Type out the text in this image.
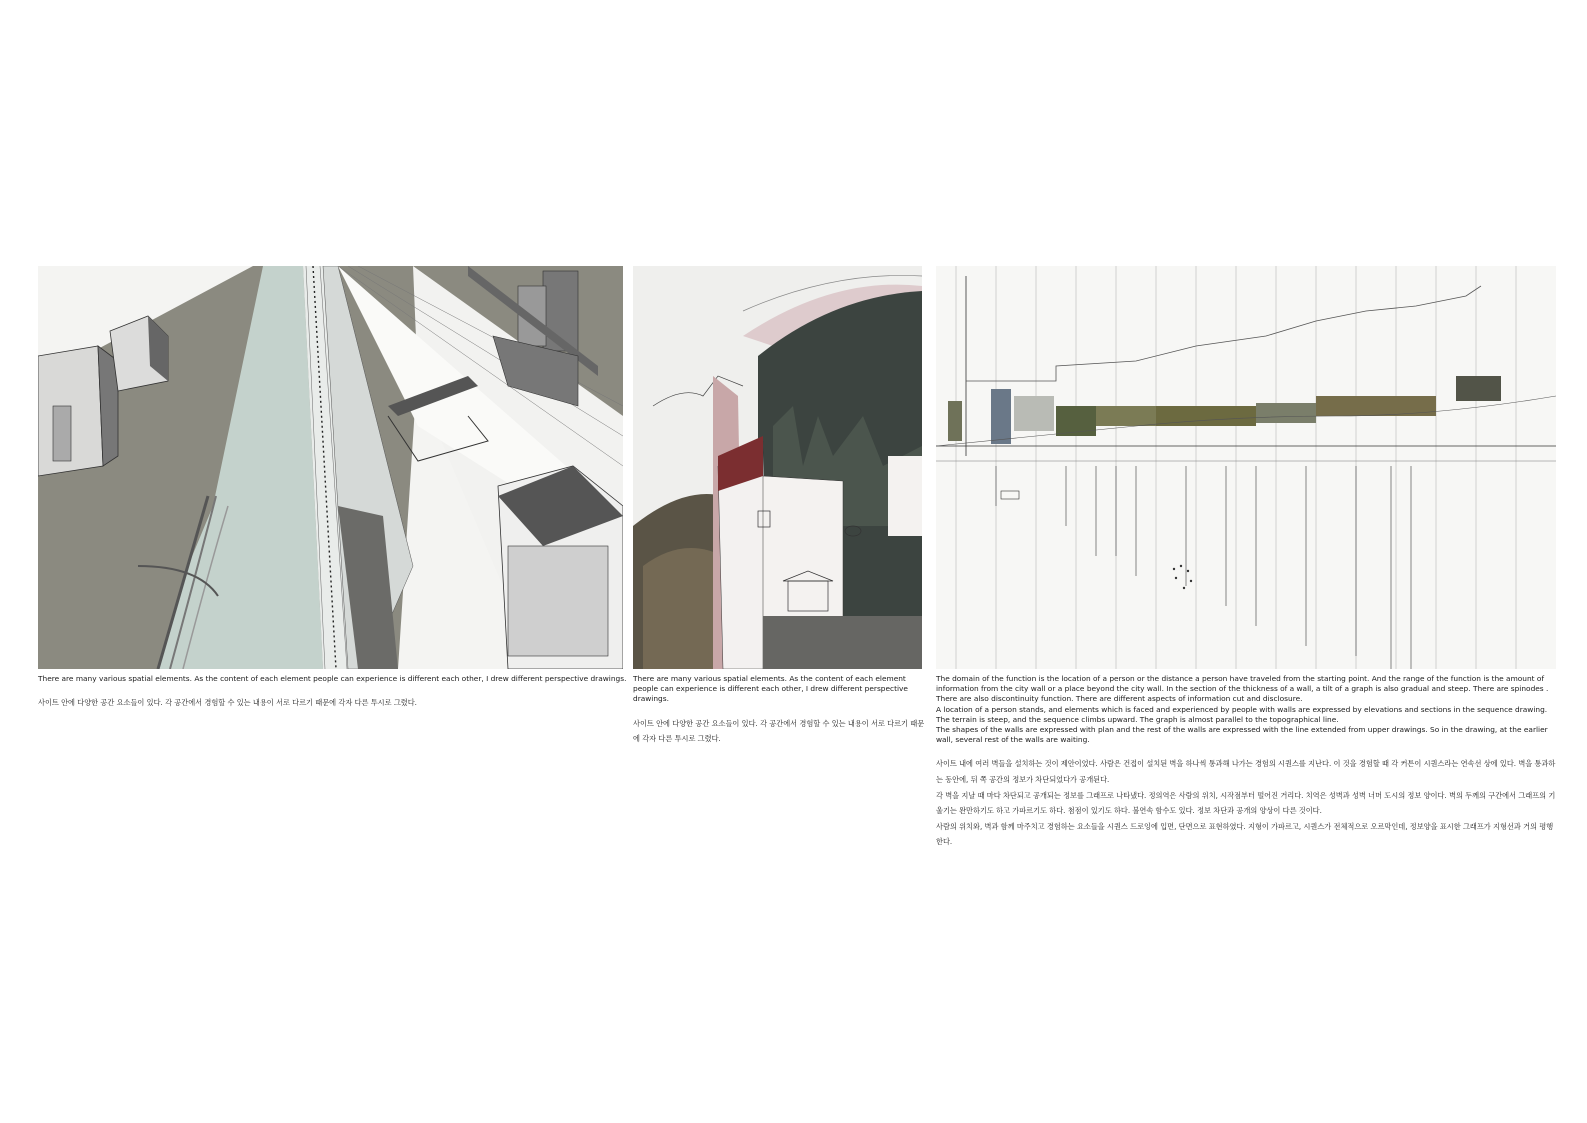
There are many various spatial elements. As the content of each element people can experience is different each other, I drew different perspective drawings.

사이트 안에 다양한 공간 요소들이 있다. 각 공간에서 경험할 수 있는 내용이 서로 다르기 때문에 각자 다른 투시로 그렸다.

There are many various spatial elements. As the content of each element people can experience is different each other, I drew different perspective drawings.

사이트 안에 다양한 공간 요소들이 있다. 각 공간에서 경험할 수 있는 내용이 서로 다르기 때문에 각자 다른 투시로 그렸다.

The domain of the function is the location of a person or the distance a person have traveled from the starting point. And the range of the function is the amount of information from the city wall or a place beyond the city wall. In the section of the thickness of a wall, a tilt of a graph is also gradual and steep. There are spinodes . There are also discontinuity function. There are different aspects of information cut and disclosure.

A location of a person stands, and elements which is faced and experienced by people with walls are expressed by elevations and sections in the sequence drawing. The terrain is steep, and the sequence climbs upward. The graph is almost parallel to the topographical line.

The shapes of the walls are expressed with plan and the rest of the walls are expressed with the line extended from upper drawings. So in the drawing, at the earlier wall, several rest of the walls are waiting.

사이트 내에 여러 벽들을 설치하는 것이 제안이었다. 사람은 건접이 설치된 벽을 하나씩 통과해 나가는 경험의 시퀀스를 지난다. 이 것을 경험할 때 각 커튼이 시퀀스라는 연속선 상에 있다. 벽을 통과하는 동안에, 뒤 쪽 공간의 정보가 차단되었다가 공개된다.

각 벽을 지날 때 마다 차단되고 공개되는 정보를 그래프로 나타냈다. 정의역은 사람의 위치, 시작점부터 떨어진 거리다. 치역은 성벽과 성벽 너머 도시의 정보 양이다. 벽의 두께의 구간에서 그래프의 기울기는 완만하기도 하고 가파르기도 하다. 첨점이 있기도 하다. 불연속 함수도 있다. 정보 차단과 공개의 양상이 다른 것이다.

사람의 위치와, 벽과 함께 마주치고 경험하는 요소들을 시퀀스 드로잉에 입면, 단면으로 표현하였다. 지형이 가파르고, 시퀀스가 전체적으로 오르막인데, 정보양을 표시한 그래프가 지형선과 거의 평행한다.
